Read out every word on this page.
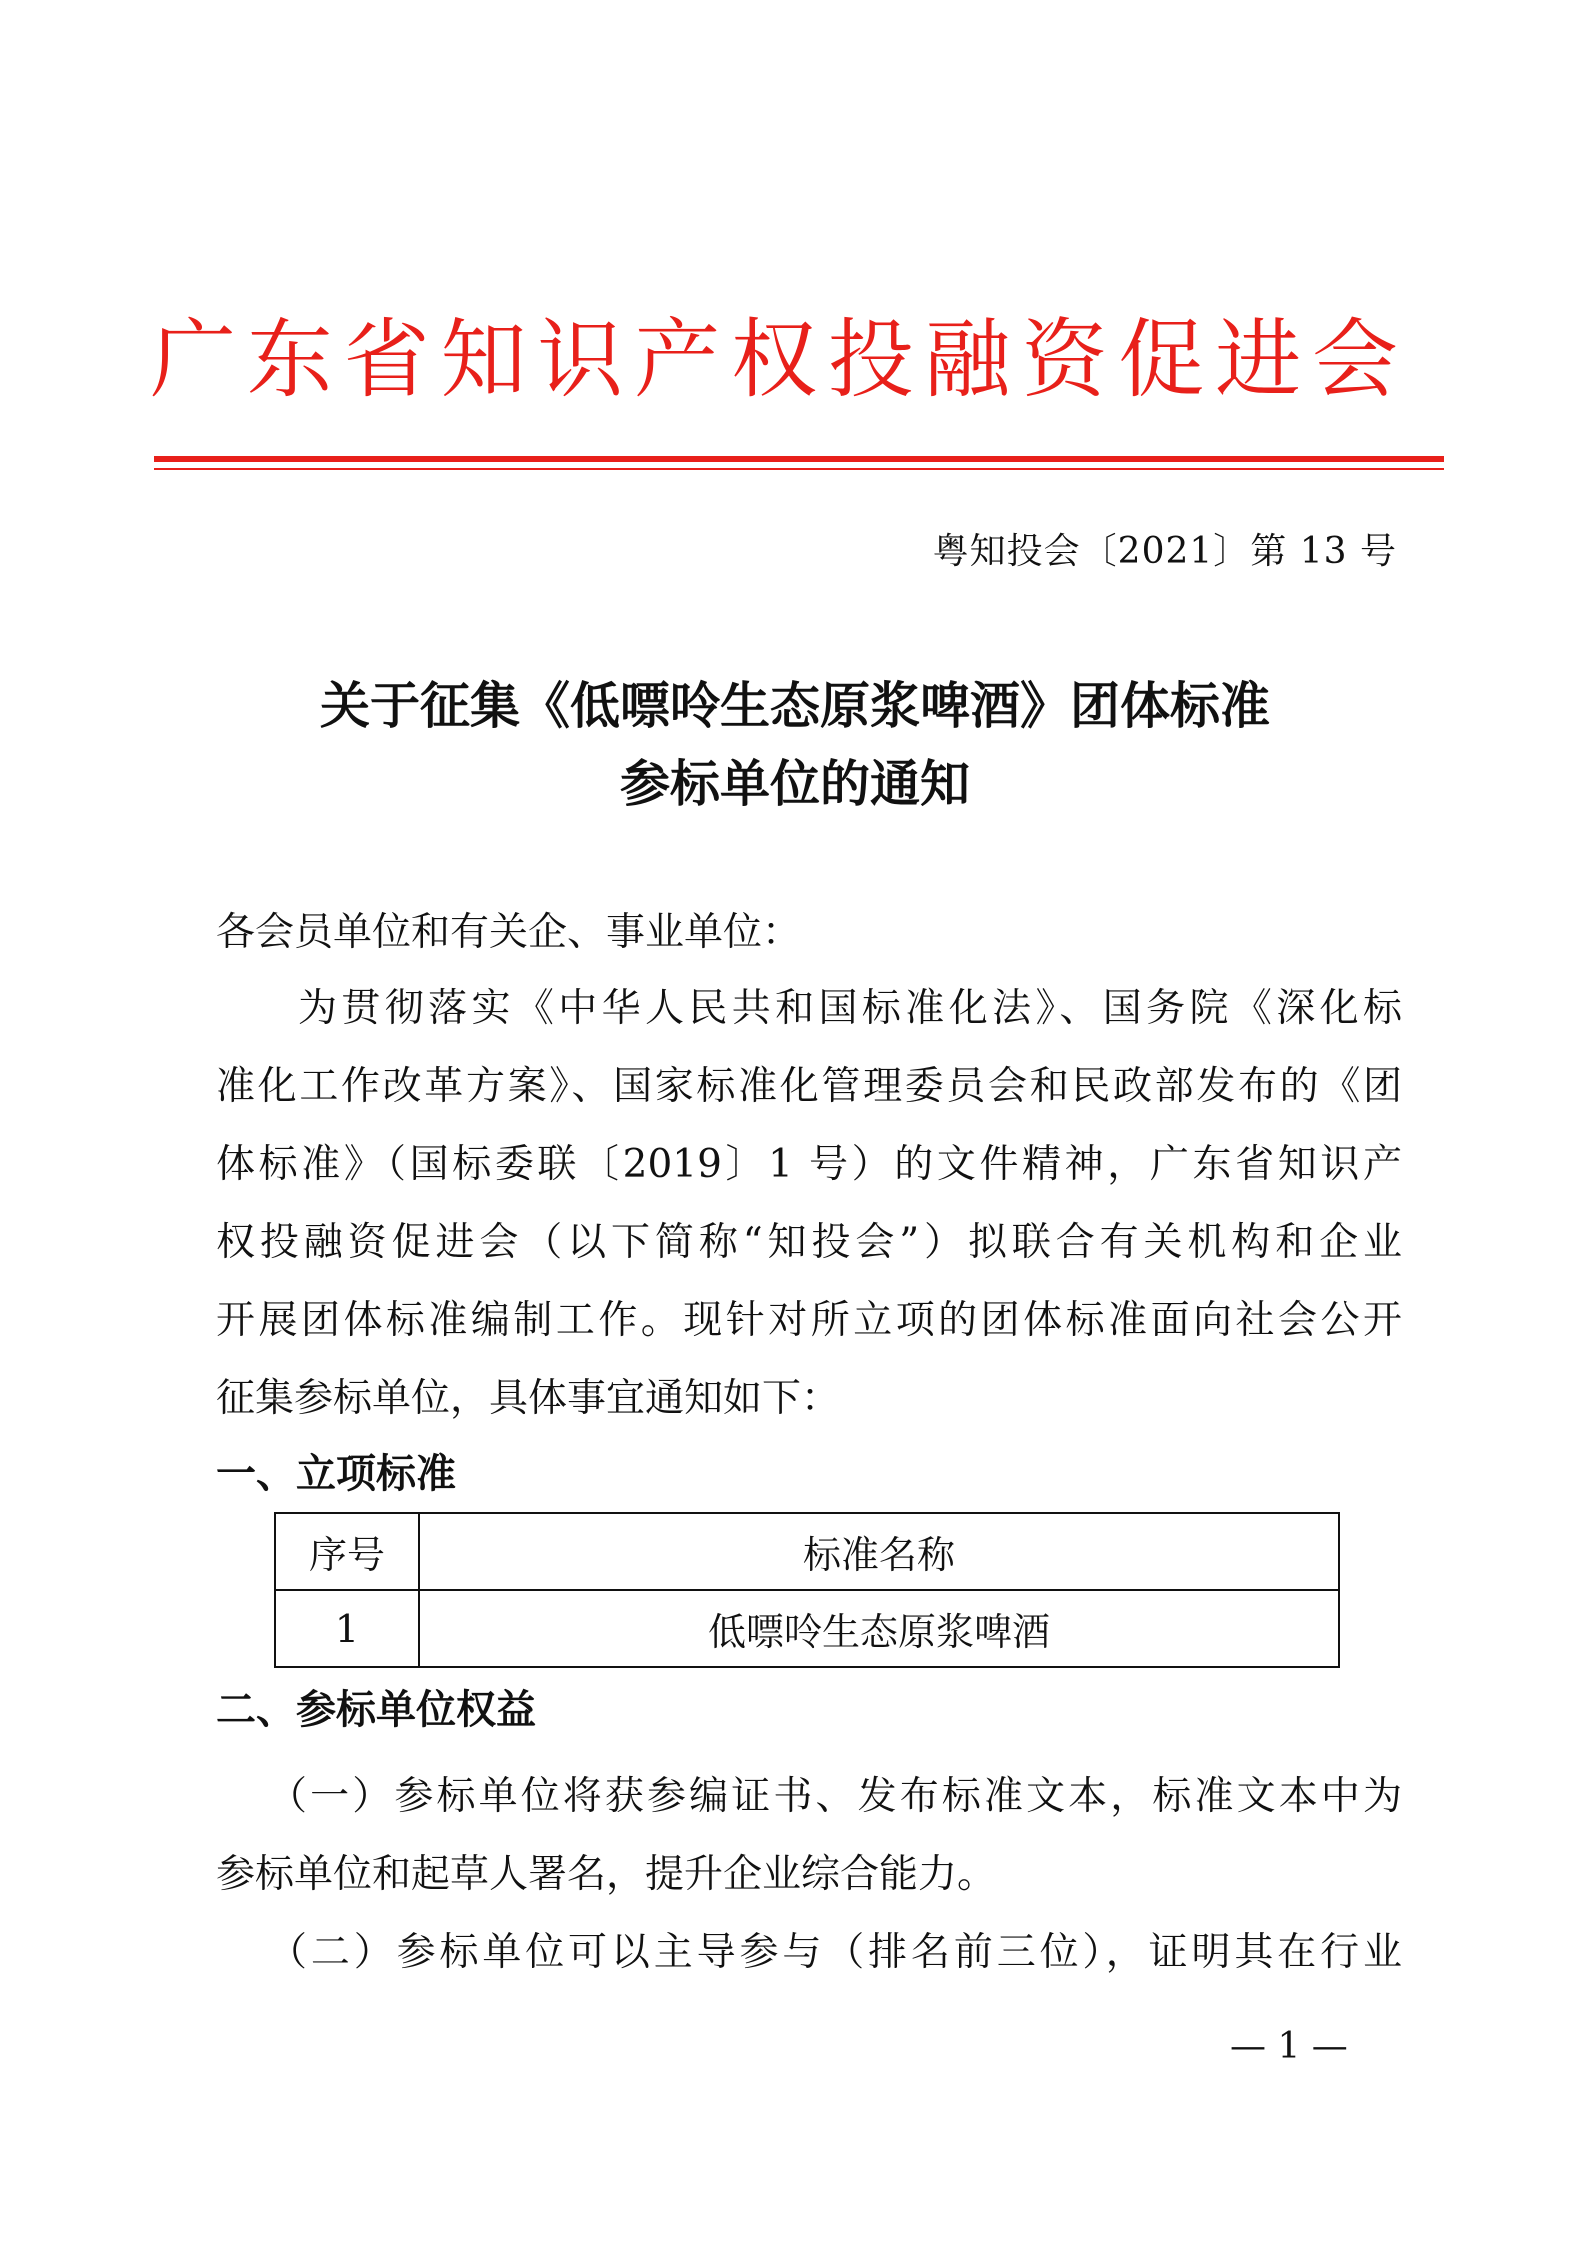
广东省知识产权投融资促进会
粤知投会〔2021〕第 13 号
关于征集《低嘌呤生态原浆啤酒》团体标准
参标单位的通知
各会员单位和有关企、事业单位：
为贯彻落实《中华人民共和国标准化法》、国务院《深化标
准化工作改革方案》、国家标准化管理委员会和民政部发布的《团
体标准》（国标委联〔2019〕1 号）的文件精神，广东省知识产
权投融资促进会（以下简称“知投会”）拟联合有关机构和企业
开展团体标准编制工作。现针对所立项的团体标准面向社会公开
征集参标单位，具体事宜通知如下：
一、立项标准
序号	标准名称
1	低嘌呤生态原浆啤酒
二、参标单位权益
（一）参标单位将获参编证书、发布标准文本，标准文本中为
参标单位和起草人署名，提升企业综合能力。
（二）参标单位可以主导参与（排名前三位），证明其在行业
— 1 —
